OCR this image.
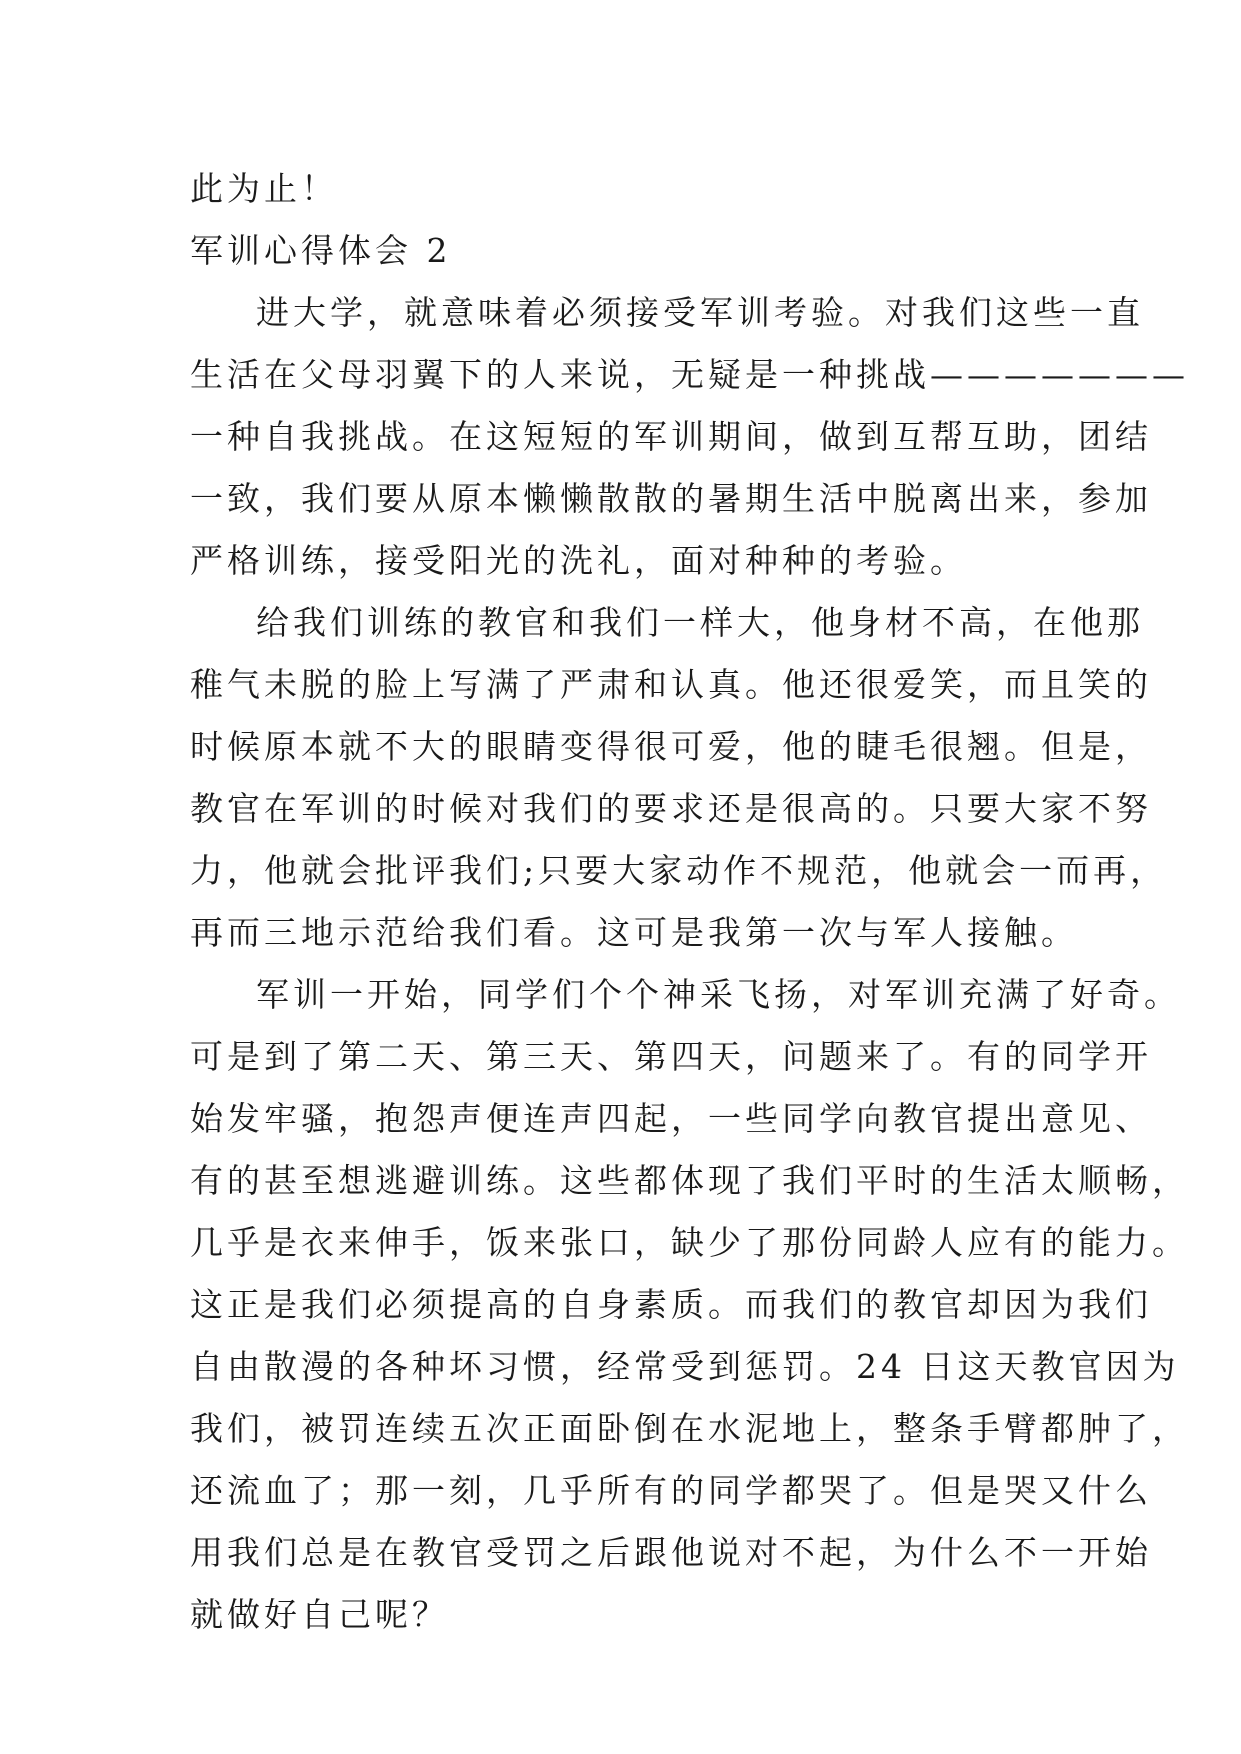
此为止！
军训心得体会 2
进大学，就意味着必须接受军训考验。对我们这些一直
生活在父母羽翼下的人来说，无疑是一种挑战———————
一种自我挑战。在这短短的军训期间，做到互帮互助，团结
一致，我们要从原本懒懒散散的暑期生活中脱离出来，参加
严格训练，接受阳光的洗礼，面对种种的考验。
给我们训练的教官和我们一样大，他身材不高，在他那
稚气未脱的脸上写满了严肃和认真。他还很爱笑，而且笑的
时候原本就不大的眼睛变得很可爱，他的睫毛很翘。但是，
教官在军训的时候对我们的要求还是很高的。只要大家不努
力，他就会批评我们;只要大家动作不规范，他就会一而再，
再而三地示范给我们看。这可是我第一次与军人接触。
军训一开始，同学们个个神采飞扬，对军训充满了好奇。
可是到了第二天、第三天、第四天，问题来了。有的同学开
始发牢骚，抱怨声便连声四起，一些同学向教官提出意见、
有的甚至想逃避训练。这些都体现了我们平时的生活太顺畅，
几乎是衣来伸手，饭来张口，缺少了那份同龄人应有的能力。
这正是我们必须提高的自身素质。而我们的教官却因为我们
自由散漫的各种坏习惯，经常受到惩罚。24 日这天教官因为
我们，被罚连续五次正面卧倒在水泥地上，整条手臂都肿了，
还流血了；那一刻，几乎所有的同学都哭了。但是哭又什么
用我们总是在教官受罚之后跟他说对不起，为什么不一开始
就做好自己呢？
